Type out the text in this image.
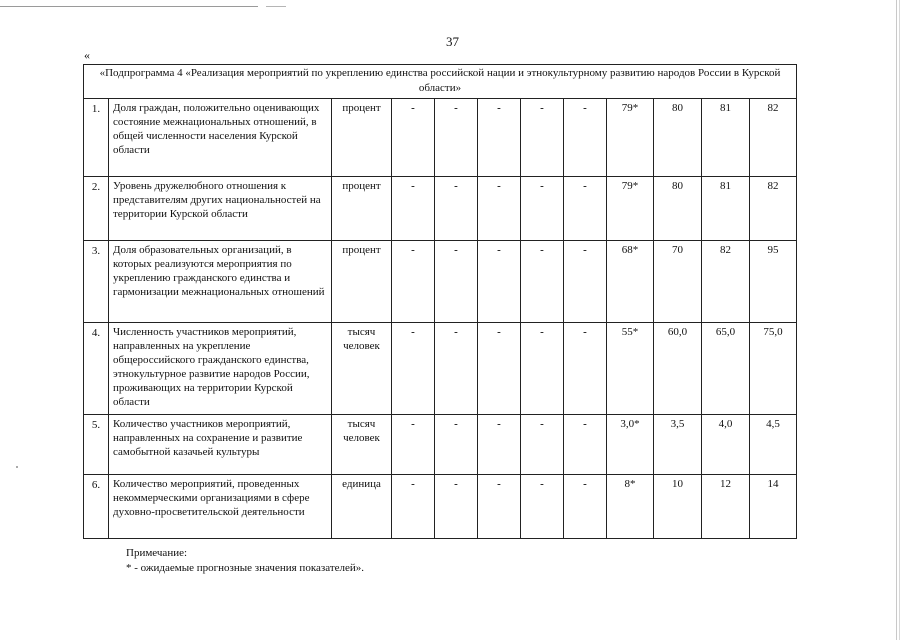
37
«
«Подпрограмма 4 «Реализация мероприятий по укреплению единства российской нации и этнокультурному развитию народов России в Курской области»											
1.	Доля граждан, положительно оценивающих состояние межнациональных отношений, в общей численности населения Курской области	процент	-	-	-	-	-	79*	80	81	82
2.	Уровень дружелюбного отношения к представителям других национальностей на территории Курской области	процент	-	-	-	-	-	79*	80	81	82
3.	Доля образовательных организаций, в которых реализуются мероприятия по укреплению гражданского единства и гармонизации межнациональных отношений	процент	-	-	-	-	-	68*	70	82	95
4.	Численность участников мероприятий, направленных на укрепление общероссийского гражданского единства, этнокультурное развитие народов России, проживающих на территории Курской области	тысяч человек	-	-	-	-	-	55*	60,0	65,0	75,0
5.	Количество участников мероприятий, направленных на сохранение и развитие самобытной казачьей культуры	тысяч человек	-	-	-	-	-	3,0*	3,5	4,0	4,5
6.	Количество мероприятий, проведенных некоммерческими организациями в сфере духовно-просветительской деятельности	единица	-	-	-	-	-	8*	10	12	14
Примечание:
* - ожидаемые прогнозные значения показателей».
